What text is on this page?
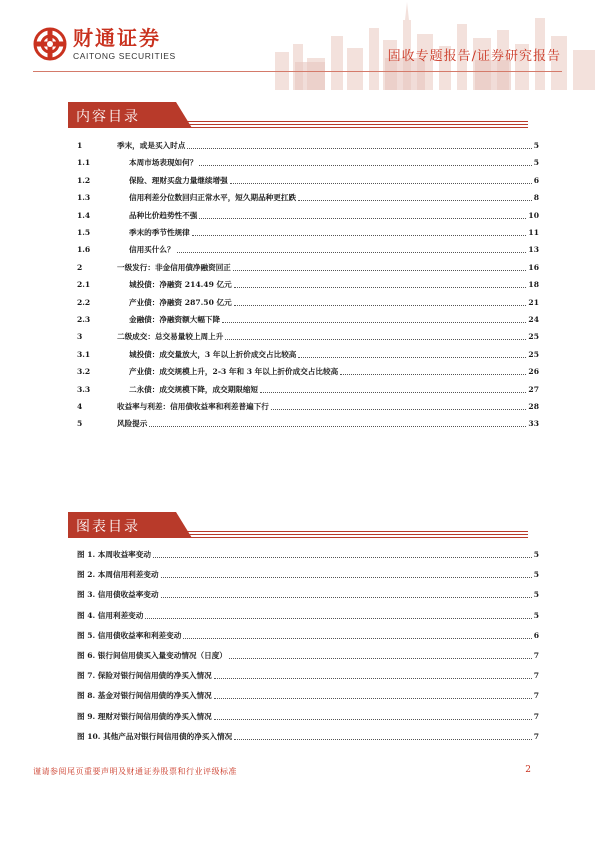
财通证券
CAITONG SECURITIES	固收专题报告/证券研究报告
内容目录
1	季末，或是买入时点	5
1.1	本周市场表现如何？	5
1.2	保险、理财买盘力量继续增强	6
1.3	信用利差分位数回归正常水平，短久期品种更扛跌	8
1.4	品种比价趋势性不强	10
1.5	季末的季节性规律	11
1.6	信用买什么？	13
2	一级发行：非金信用债净融资回正	16
2.1	城投债：净融资 214.49 亿元	18
2.2	产业债：净融资 287.50 亿元	21
2.3	金融债：净融资额大幅下降	24
3	二级成交：总交易量较上周上升	25
3.1	城投债：成交量放大，3 年以上折价成交占比较高	25
3.2	产业债：成交规模上升，2-3 年和 3 年以上折价成交占比较高	26
3.3	二永债：成交规模下降，成交期限缩短	27
4	收益率与利差：信用债收益率和利差普遍下行	28
5	风险提示	33
图表目录
图 1. 本周收益率变动	5
图 2. 本周信用利差变动	5
图 3. 信用债收益率变动	5
图 4. 信用利差变动	5
图 5. 信用债收益率和利差变动	6
图 6. 银行间信用债买入量变动情况（日度）	7
图 7. 保险对银行间信用债的净买入情况	7
图 8. 基金对银行间信用债的净买入情况	7
图 9. 理财对银行间信用债的净买入情况	7
图 10. 其他产品对银行间信用债的净买入情况	7
谨请参阅尾页重要声明及财通证券股票和行业评级标准	2
